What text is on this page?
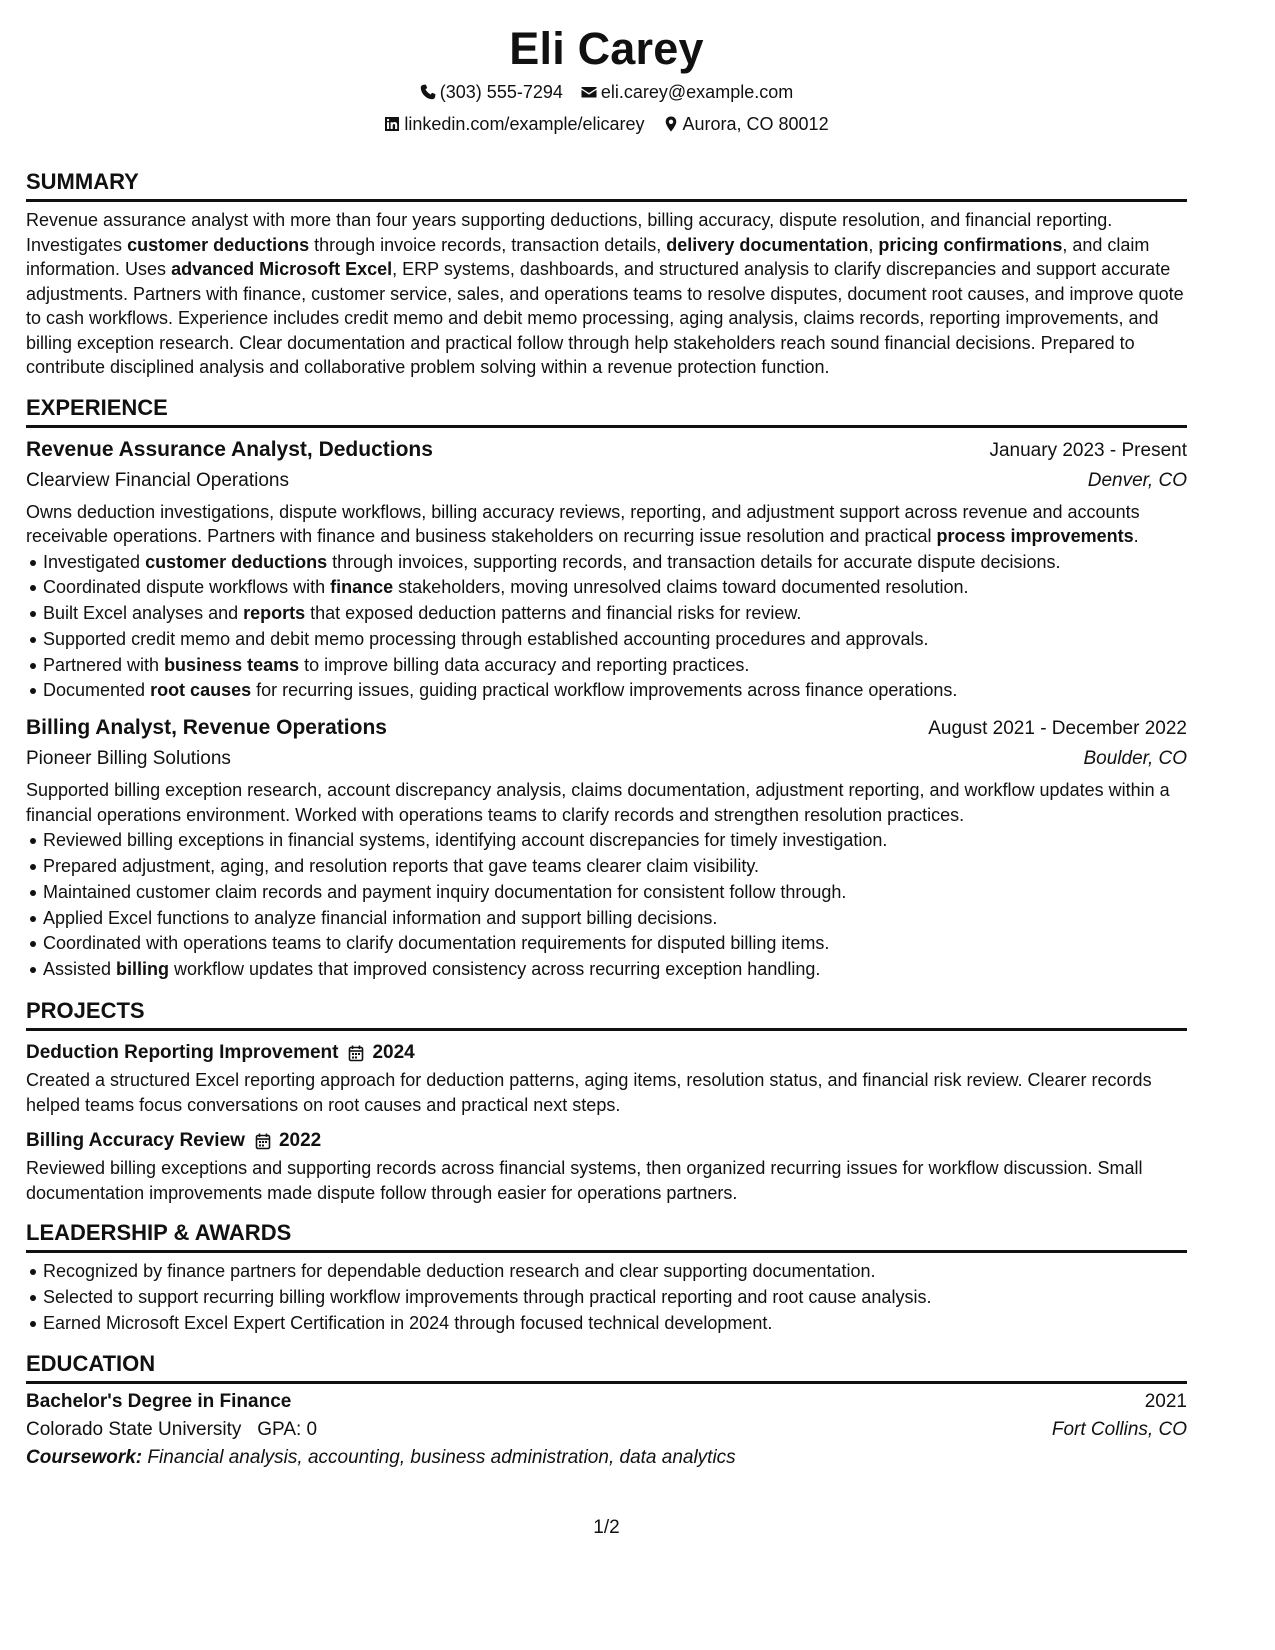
Eli Carey
(303) 555-7294 eli.carey@example.com
linkedin.com/example/elicarey Aurora, CO 80012
SUMMARY
Revenue assurance analyst with more than four years supporting deductions, billing accuracy, dispute resolution, and financial reporting. Investigates customer deductions through invoice records, transaction details, delivery documentation, pricing confirmations, and claim information. Uses advanced Microsoft Excel, ERP systems, dashboards, and structured analysis to clarify discrepancies and support accurate adjustments. Partners with finance, customer service, sales, and operations teams to resolve disputes, document root causes, and improve quote to cash workflows. Experience includes credit memo and debit memo processing, aging analysis, claims records, reporting improvements, and billing exception research. Clear documentation and practical follow through help stakeholders reach sound financial decisions. Prepared to contribute disciplined analysis and collaborative problem solving within a revenue protection function.
EXPERIENCE
Revenue Assurance Analyst, Deductions	January 2023 - Present
Clearview Financial Operations	Denver, CO
Owns deduction investigations, dispute workflows, billing accuracy reviews, reporting, and adjustment support across revenue and accounts receivable operations. Partners with finance and business stakeholders on recurring issue resolution and practical process improvements.
Investigated customer deductions through invoices, supporting records, and transaction details for accurate dispute decisions.
Coordinated dispute workflows with finance stakeholders, moving unresolved claims toward documented resolution.
Built Excel analyses and reports that exposed deduction patterns and financial risks for review.
Supported credit memo and debit memo processing through established accounting procedures and approvals.
Partnered with business teams to improve billing data accuracy and reporting practices.
Documented root causes for recurring issues, guiding practical workflow improvements across finance operations.
Billing Analyst, Revenue Operations	August 2021 - December 2022
Pioneer Billing Solutions	Boulder, CO
Supported billing exception research, account discrepancy analysis, claims documentation, adjustment reporting, and workflow updates within a financial operations environment. Worked with operations teams to clarify records and strengthen resolution practices.
Reviewed billing exceptions in financial systems, identifying account discrepancies for timely investigation.
Prepared adjustment, aging, and resolution reports that gave teams clearer claim visibility.
Maintained customer claim records and payment inquiry documentation for consistent follow through.
Applied Excel functions to analyze financial information and support billing decisions.
Coordinated with operations teams to clarify documentation requirements for disputed billing items.
Assisted billing workflow updates that improved consistency across recurring exception handling.
PROJECTS
Deduction Reporting Improvement 2024
Created a structured Excel reporting approach for deduction patterns, aging items, resolution status, and financial risk review. Clearer records helped teams focus conversations on root causes and practical next steps.
Billing Accuracy Review 2022
Reviewed billing exceptions and supporting records across financial systems, then organized recurring issues for workflow discussion. Small documentation improvements made dispute follow through easier for operations partners.
LEADERSHIP & AWARDS
Recognized by finance partners for dependable deduction research and clear supporting documentation.
Selected to support recurring billing workflow improvements through practical reporting and root cause analysis.
Earned Microsoft Excel Expert Certification in 2024 through focused technical development.
EDUCATION
Bachelor's Degree in Finance	2021
Colorado State University GPA: 0	Fort Collins, CO
Coursework: Financial analysis, accounting, business administration, data analytics
1/2
